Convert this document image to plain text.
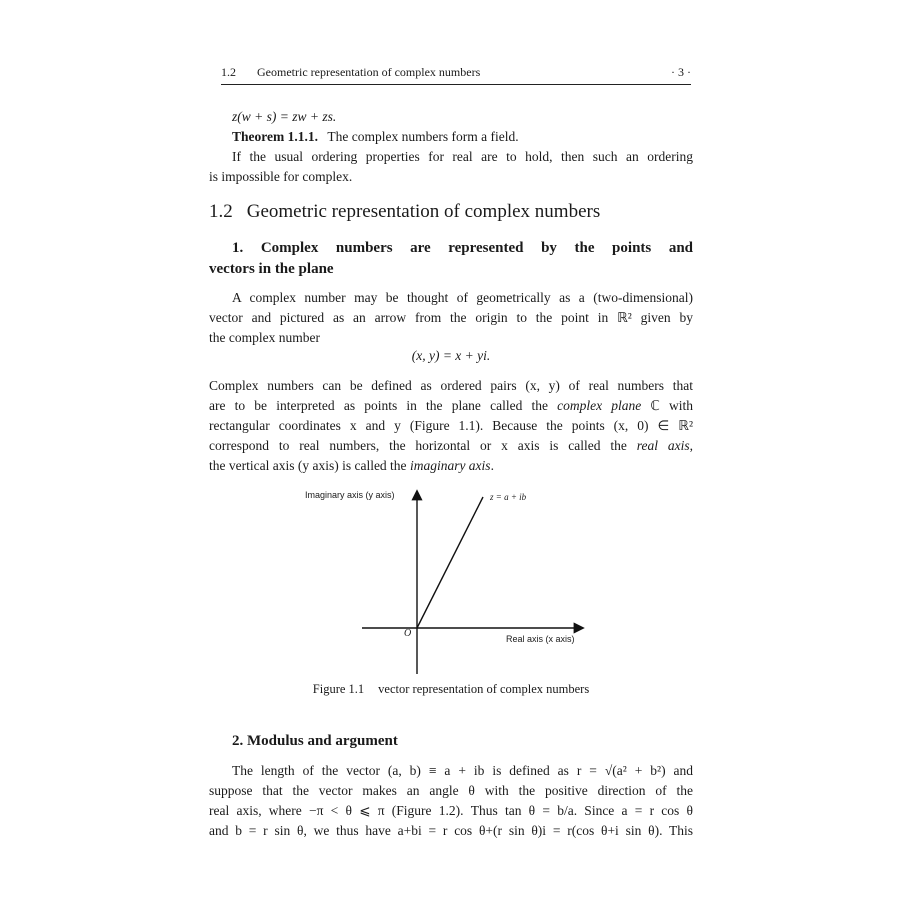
1.2 Geometric representation of complex numbers	· 3 ·
z(w + s) = zw + zs.
Theorem 1.1.1. The complex numbers form a field.
If the usual ordering properties for real are to hold, then such an ordering
is impossible for complex.
1.2 Geometric representation of complex numbers
1. Complex numbers are represented by the points and
vectors in the plane
A complex number may be thought of geometrically as a (two-dimensional)
vector and pictured as an arrow from the origin to the point in ℝ² given by
the complex number
(x, y) = x + yi.
Complex numbers can be defined as ordered pairs (x, y) of real numbers that
are to be interpreted as points in the plane called the complex plane ℂ with
rectangular coordinates x and y (Figure 1.1). Because the points (x, 0) ∈ ℝ²
correspond to real numbers, the horizontal or x axis is called the real axis,
the vertical axis (y axis) is called the imaginary axis.
Imaginary axis (y axis)
Real axis (x axis)
O
z = a + ib
Figure 1.1 vector representation of complex numbers
2. Modulus and argument
The length of the vector (a, b) ≡ a + ib is defined as r = √(a² + b²) and
suppose that the vector makes an angle θ with the positive direction of the
real axis, where −π < θ ⩽ π (Figure 1.2). Thus tan θ = b/a. Since a = r cos θ
and b = r sin θ, we thus have a+bi = r cos θ+(r sin θ)i = r(cos θ+i sin θ). This
